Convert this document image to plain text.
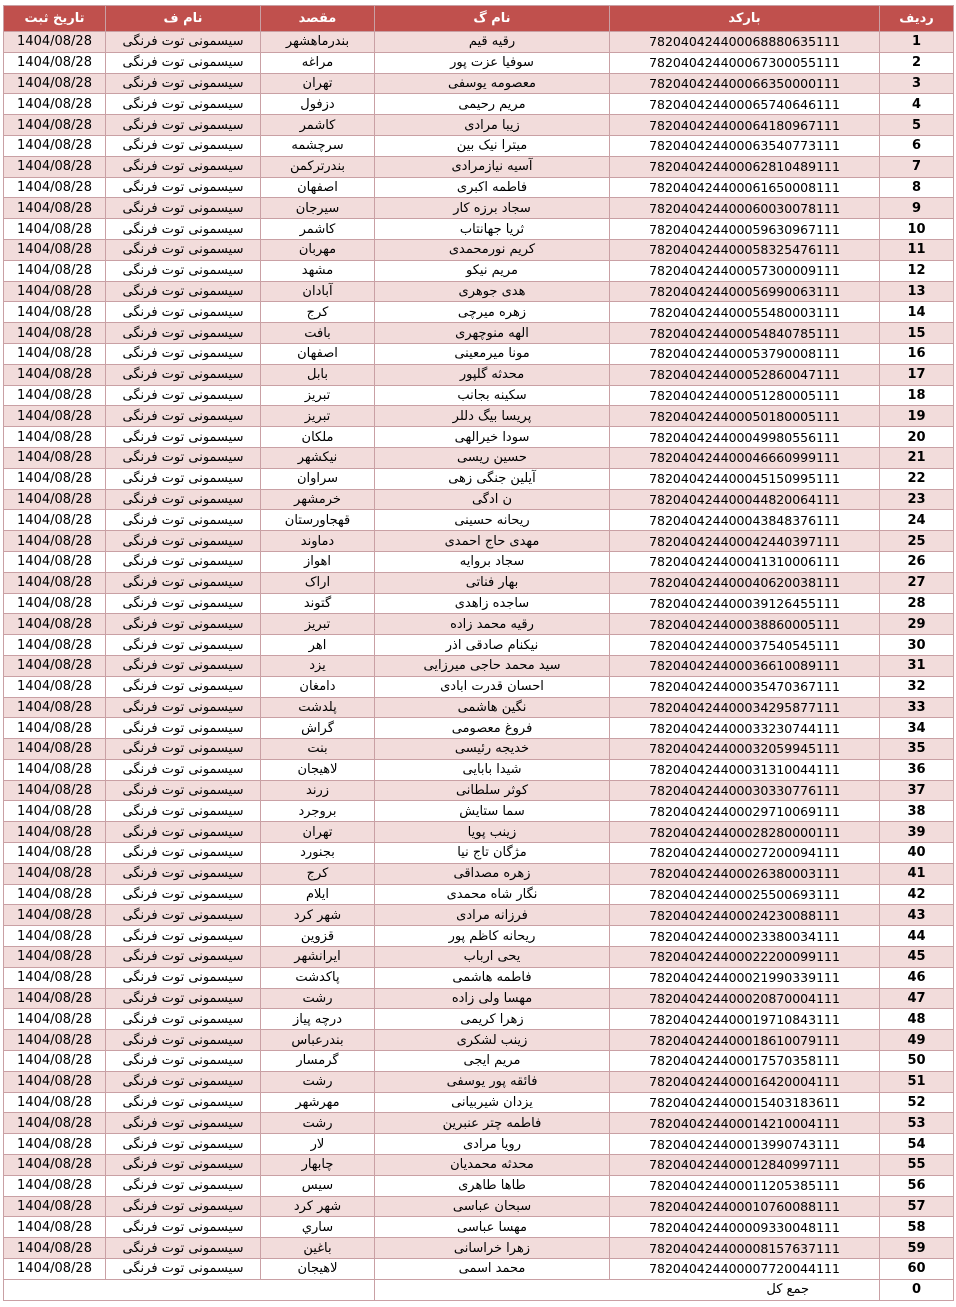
تاریخ ثبت	نام ف	مقصد	نام گ	بارکد	ردیف
1404/08/28	سیسمونی توت فرنگی	بندرماهشهر	رقیه قیم	782040424400068880635111	1
1404/08/28	سیسمونی توت فرنگی	مراغه	سوفیا عزت پور	782040424400067300055111	2
1404/08/28	سیسمونی توت فرنگی	تهران	معصومه یوسفی	782040424400066350000111	3
1404/08/28	سیسمونی توت فرنگی	دزفول	مریم رحیمی	782040424400065740646111	4
1404/08/28	سیسمونی توت فرنگی	کاشمر	زیبا مرادی	782040424400064180967111	5
1404/08/28	سیسمونی توت فرنگی	سرچشمه	میترا نیک بین	782040424400063540773111	6
1404/08/28	سیسمونی توت فرنگی	بندرترکمن	آسیه نیازمرادی	782040424400062810489111	7
1404/08/28	سیسمونی توت فرنگی	اصفهان	فاطمه اکبری	782040424400061650008111	8
1404/08/28	سیسمونی توت فرنگی	سیرجان	سجاد برزه کار	782040424400060030078111	9
1404/08/28	سیسمونی توت فرنگی	کاشمر	ثریا جهانتاب	782040424400059630967111	10
1404/08/28	سیسمونی توت فرنگی	مهربان	کریم نورمحمدی	782040424400058325476111	11
1404/08/28	سیسمونی توت فرنگی	مشهد	مریم نیکو	782040424400057300009111	12
1404/08/28	سیسمونی توت فرنگی	آبادان	هدی جوهری	782040424400056990063111	13
1404/08/28	سیسمونی توت فرنگی	کرج	زهره میرچی	782040424400055480003111	14
1404/08/28	سیسمونی توت فرنگی	بافت	الهه منوچهری	782040424400054840785111	15
1404/08/28	سیسمونی توت فرنگی	اصفهان	مونا میرمعینی	782040424400053790008111	16
1404/08/28	سیسمونی توت فرنگی	بابل	محدثه گلپور	782040424400052860047111	17
1404/08/28	سیسمونی توت فرنگی	تبریز	سکینه بجانب	782040424400051280005111	18
1404/08/28	سیسمونی توت فرنگی	تبریز	پریسا بیگ دللر	782040424400050180005111	19
1404/08/28	سیسمونی توت فرنگی	ملکان	سودا خیرالهی	782040424400049980556111	20
1404/08/28	سیسمونی توت فرنگی	نیکشهر	حسین ریسی	782040424400046660999111	21
1404/08/28	سیسمونی توت فرنگی	سراوان	آیلین جنگی زهی	782040424400045150995111	22
1404/08/28	سیسمونی توت فرنگی	خرمشهر	ن ادگی	782040424400044820064111	23
1404/08/28	سیسمونی توت فرنگی	قهجاورستان	ریحانه حسینی	782040424400043848376111	24
1404/08/28	سیسمونی توت فرنگی	دماوند	مهدی حاج احمدی	782040424400042440397111	25
1404/08/28	سیسمونی توت فرنگی	اهواز	سجاد بروایه	782040424400041310006111	26
1404/08/28	سیسمونی توت فرنگی	اراک	بهار فناتی	782040424400040620038111	27
1404/08/28	سیسمونی توت فرنگی	گتوند	ساجده زاهدی	782040424400039126455111	28
1404/08/28	سیسمونی توت فرنگی	تبریز	رقیه محمد زاده	782040424400038860005111	29
1404/08/28	سیسمونی توت فرنگی	اهر	نیکنام صادقی اذر	782040424400037540545111	30
1404/08/28	سیسمونی توت فرنگی	یزد	سید محمد حاجی میرزایی	782040424400036610089111	31
1404/08/28	سیسمونی توت فرنگی	دامغان	احسان قدرت ابادی	782040424400035470367111	32
1404/08/28	سیسمونی توت فرنگی	پلدشت	نگین هاشمی	782040424400034295877111	33
1404/08/28	سیسمونی توت فرنگی	گراش	فروغ معصومی	782040424400033230744111	34
1404/08/28	سیسمونی توت فرنگی	بنت	خدیجه رئیسی	782040424400032059945111	35
1404/08/28	سیسمونی توت فرنگی	لاهیجان	شیدا بابایی	782040424400031310044111	36
1404/08/28	سیسمونی توت فرنگی	زرند	کوثر سلطانی	782040424400030330776111	37
1404/08/28	سیسمونی توت فرنگی	بروجرد	سما ستایش	782040424400029710069111	38
1404/08/28	سیسمونی توت فرنگی	تهران	زینب پویا	782040424400028280000111	39
1404/08/28	سیسمونی توت فرنگی	بجنورد	مژگان تاج نیا	782040424400027200094111	40
1404/08/28	سیسمونی توت فرنگی	کرج	زهره مصداقی	782040424400026380003111	41
1404/08/28	سیسمونی توت فرنگی	ایلام	نگار شاه محمدی	782040424400025500693111	42
1404/08/28	سیسمونی توت فرنگی	شهر کرد	فرزانه مرادی	782040424400024230088111	43
1404/08/28	سیسمونی توت فرنگی	قزوین	ریحانه کاظم پور	782040424400023380034111	44
1404/08/28	سیسمونی توت فرنگی	ایرانشهر	یحی ارباب	782040424400022200099111	45
1404/08/28	سیسمونی توت فرنگی	پاکدشت	فاطمه هاشمی	782040424400021990339111	46
1404/08/28	سیسمونی توت فرنگی	رشت	مهسا ولی زاده	782040424400020870004111	47
1404/08/28	سیسمونی توت فرنگی	درچه پیاز	زهرا کریمی	782040424400019710843111	48
1404/08/28	سیسمونی توت فرنگی	بندرعباس	زینب لشکری	782040424400018610079111	49
1404/08/28	سیسمونی توت فرنگی	گرمسار	مریم ایجی	782040424400017570358111	50
1404/08/28	سیسمونی توت فرنگی	رشت	فائقه پور یوسفی	782040424400016420004111	51
1404/08/28	سیسمونی توت فرنگی	مهرشهر	یزدان شیربیانی	782040424400015403183611	52
1404/08/28	سیسمونی توت فرنگی	رشت	فاطمه چتر عنبرین	782040424400014210004111	53
1404/08/28	سیسمونی توت فرنگی	لار	رویا مرادی	782040424400013990743111	54
1404/08/28	سیسمونی توت فرنگی	چابهار	محدثه محمدیان	782040424400012840997111	55
1404/08/28	سیسمونی توت فرنگی	سیس	طاها طاهری	782040424400011205385111	56
1404/08/28	سیسمونی توت فرنگی	شهر کرد	سبحان عباسی	782040424400010760088111	57
1404/08/28	سیسمونی توت فرنگی	ساري	مهسا عباسی	782040424400009330048111	58
1404/08/28	سیسمونی توت فرنگی	باغین	زهرا خراسانی	782040424400008157637111	59
1404/08/28	سیسمونی توت فرنگی	لاهیجان	محمد اسمی	782040424400007720044111	60
			جمع کل		0
